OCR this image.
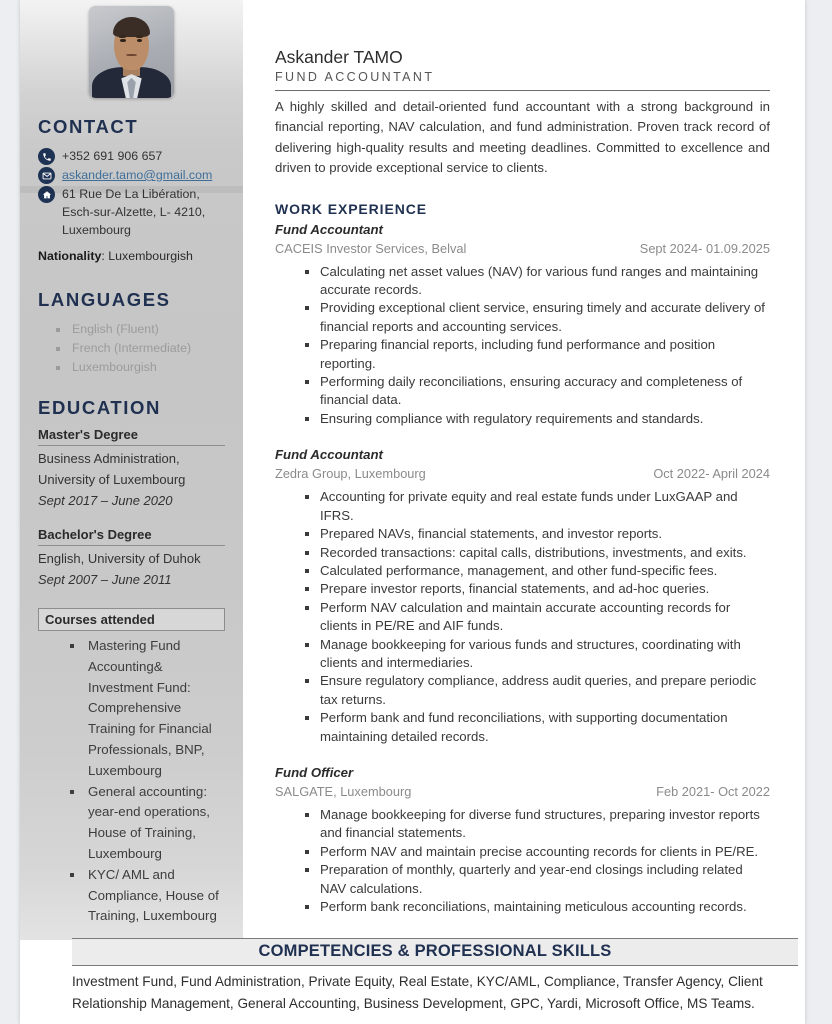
CONTACT
+352 691 906 657
askander.tamo@gmail.com
61 Rue De La Libération, Esch-sur-Alzette, L- 4210, Luxembourg
Nationality: Luxembourgish
LANGUAGES
English (Fluent)
French (Intermediate)
Luxembourgish
EDUCATION
Master's Degree
Business Administration, University of Luxembourg
Sept 2017 – June 2020
Bachelor's Degree
English, University of Duhok
Sept 2007 – June 2011
Courses attended
Mastering Fund Accounting& Investment Fund: Comprehensive Training for Financial Professionals, BNP, Luxembourg
General accounting: year-end operations, House of Training, Luxembourg
KYC/ AML and Compliance, House of Training, Luxembourg
Askander TAMO
FUND ACCOUNTANT

A highly skilled and detail-oriented fund accountant with a strong background in financial reporting, NAV calculation, and fund administration. Proven track record of delivering high-quality results and meeting deadlines. Committed to excellence and driven to provide exceptional service to clients.

WORK EXPERIENCE
Fund Accountant
CACEIS Investor Services, Belval	Sept 2024- 01.09.2025
Calculating net asset values (NAV) for various fund ranges and maintaining accurate records.
Providing exceptional client service, ensuring timely and accurate delivery of financial reports and accounting services.
Preparing financial reports, including fund performance and position reporting.
Performing daily reconciliations, ensuring accuracy and completeness of financial data.
Ensuring compliance with regulatory requirements and standards.
Fund Accountant
Zedra Group, Luxembourg	Oct 2022- April 2024
Accounting for private equity and real estate funds under LuxGAAP and IFRS.
Prepared NAVs, financial statements, and investor reports.
Recorded transactions: capital calls, distributions, investments, and exits.
Calculated performance, management, and other fund-specific fees.
Prepare investor reports, financial statements, and ad-hoc queries.
Perform NAV calculation and maintain accurate accounting records for clients in PE/RE and AIF funds.
Manage bookkeeping for various funds and structures, coordinating with clients and intermediaries.
Ensure regulatory compliance, address audit queries, and prepare periodic tax returns.
Perform bank and fund reconciliations, with supporting documentation maintaining detailed records.
Fund Officer
SALGATE, Luxembourg	Feb 2021- Oct 2022
Manage bookkeeping for diverse fund structures, preparing investor reports and financial statements.
Perform NAV and maintain precise accounting records for clients in PE/RE.
Preparation of monthly, quarterly and year-end closings including related NAV calculations.
Perform bank reconciliations, maintaining meticulous accounting records.
COMPETENCIES & PROFESSIONAL SKILLS

Investment Fund, Fund Administration, Private Equity, Real Estate, KYC/AML, Compliance, Transfer Agency, Client Relationship Management, General Accounting, Business Development, GPC, Yardi, Microsoft Office, MS Teams.
